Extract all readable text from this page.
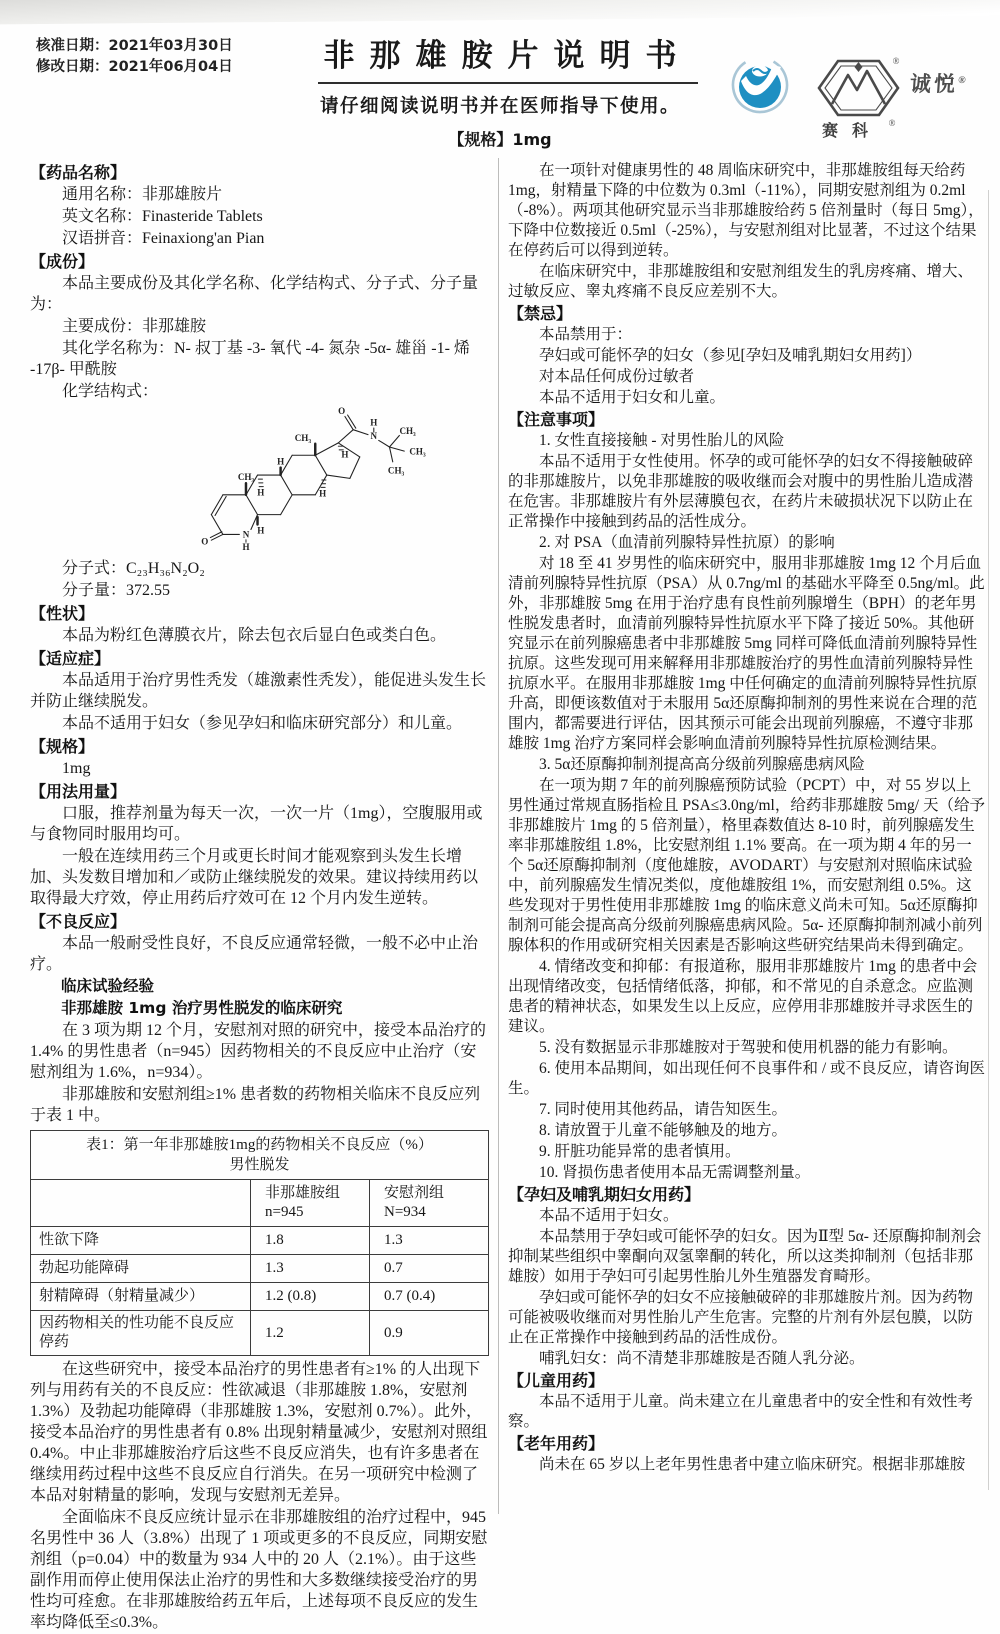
核准日期：2021年03月30日
修改日期：2021年06月04日	非那雄胺片说明书
请仔细阅读说明书并在医师指导下使用。
【规格】1mg
®
赛科 ®
诚悦®
【药品名称】

通用名称：非那雄胺片

英文名称：Finasteride Tablets

汉语拼音：Feinaxiong'an Pian

【成份】

本品主要成份及其化学名称、化学结构式、分子式、分子量为：

主要成份：非那雄胺

其化学名称为：N- 叔丁基 -3- 氧代 -4- 氮杂 -5α- 雄甾 -1- 烯 -17β- 甲酰胺

化学结构式：

O
N
H
H
CH₃
H
H
H
CH₃
H
O
H
N CH₃
CH₃
CH₃

分子式：C₂₃H₃₆N₂O₂

分子量：372.55

【性状】

本品为粉红色薄膜衣片，除去包衣后显白色或类白色。

【适应症】

本品适用于治疗男性秃发（雄激素性秃发），能促进头发生长并防止继续脱发。

本品不适用于妇女（参见孕妇和临床研究部分）和儿童。

【规格】

1mg

【用法用量】

口服，推荐剂量为每天一次，一次一片（1mg），空腹服用或与食物同时服用均可。

一般在连续用药三个月或更长时间才能观察到头发生长增加、头发数目增加和／或防止继续脱发的效果。建议持续用药以取得最大疗效，停止用药后疗效可在 12 个月内发生逆转。

【不良反应】

本品一般耐受性良好，不良反应通常轻微，一般不必中止治疗。

临床试验经验

非那雄胺 1mg 治疗男性脱发的临床研究

在 3 项为期 12 个月，安慰剂对照的研究中，接受本品治疗的 1.4% 的男性患者（n=945）因药物相关的不良反应中止治疗（安慰剂组为 1.6%，n=934）。

非那雄胺和安慰剂组≥1% 患者数的药物相关临床不良反应列于表 1 中。

表1：第一年非那雄胺1mg的药物相关不良反应（%）
男性脱发		

非那雄胺组
n=945

安慰剂组
N=934

性欲下降	1.8	1.3
勃起功能障碍	1.3	0.7
射精障碍（射精量减少）	1.2 (0.8)	0.7 (0.4)
因药物相关的性功能不良反应停药	1.2	0.9

在这些研究中，接受本品治疗的男性患者有≥1% 的人出现下列与用药有关的不良反应：性欲减退（非那雄胺 1.8%，安慰剂 1.3%）及勃起功能障碍（非那雄胺 1.3%，安慰剂 0.7%）。此外，接受本品治疗的男性患者有 0.8% 出现射精量减少，安慰剂对照组 0.4%。中止非那雄胺治疗后这些不良反应消失，也有许多患者在继续用药过程中这些不良反应自行消失。在另一项研究中检测了本品对射精量的影响，发现与安慰剂无差异。

全面临床不良反应统计显示在非那雄胺组的治疗过程中，945 名男性中 36 人（3.8%）出现了 1 项或更多的不良反应，同期安慰剂组（p=0.04）中的数量为 934 人中的 20 人（2.1%）。由于这些副作用而停止使用保法止治疗的男性和大多数继续接受治疗的男性均可痊愈。在非那雄胺给药五年后，上述每项不良反应的发生率均降低至≤0.3%。

在一项针对健康男性的 48 周临床研究中，非那雄胺组每天给药 1mg，射精量下降的中位数为 0.3ml（-11%），同期安慰剂组为 0.2ml（-8%）。两项其他研究显示当非那雄胺给药 5 倍剂量时（每日 5mg），下降中位数接近 0.5ml（-25%），与安慰剂组对比显著，不过这个结果在停药后可以得到逆转。

在临床研究中，非那雄胺组和安慰剂组发生的乳房疼痛、增大、过敏反应、睾丸疼痛不良反应差别不大。

【禁忌】

本品禁用于：

孕妇或可能怀孕的妇女（参见[孕妇及哺乳期妇女用药]）

对本品任何成份过敏者

本品不适用于妇女和儿童。

【注意事项】

1. 女性直接接触 - 对男性胎儿的风险

本品不适用于女性使用。怀孕的或可能怀孕的妇女不得接触破碎的非那雄胺片，以免非那雄胺的吸收继而会对腹中的男性胎儿造成潜在危害。非那雄胺片有外层薄膜包衣，在药片未破损状况下以防止在正常操作中接触到药品的活性成分。

2. 对 PSA（血清前列腺特异性抗原）的影响

对 18 至 41 岁男性的临床研究中，服用非那雄胺 1mg 12 个月后血清前列腺特异性抗原（PSA）从 0.7ng/ml 的基础水平降至 0.5ng/ml。此外，非那雄胺 5mg 在用于治疗患有良性前列腺增生（BPH）的老年男性脱发患者时，血清前列腺特异性抗原水平下降了接近 50%。其他研究显示在前列腺癌患者中非那雄胺 5mg 同样可降低血清前列腺特异性抗原。这些发现可用来解释用非那雄胺治疗的男性血清前列腺特异性抗原水平。在服用非那雄胺 1mg 中任何确定的血清前列腺特异性抗原升高，即便该数值对于未服用 5α还原酶抑制剂的男性来说在合理的范围内，都需要进行评估，因其预示可能会出现前列腺癌，不遵守非那雄胺 1mg 治疗方案同样会影响血清前列腺特异性抗原检测结果。

3. 5α还原酶抑制剂提高高分级前列腺癌患病风险

在一项为期 7 年的前列腺癌预防试验（PCPT）中，对 55 岁以上男性通过常规直肠指检且 PSA≤3.0ng/ml，给药非那雄胺 5mg/ 天（给予非那雄胺片 1mg 的 5 倍剂量），格里森数值达 8-10 时，前列腺癌发生率非那雄胺组 1.8%，比安慰剂组 1.1% 要高。在一项为期 4 年的另一个 5α还原酶抑制剂（度他雄胺，AVODART）与安慰剂对照临床试验中，前列腺癌发生情况类似，度他雄胺组 1%，而安慰剂组 0.5%。这些发现对于男性使用非那雄胺 1mg 的临床意义尚未可知。5α还原酶抑制剂可能会提高高分级前列腺癌患病风险。5α- 还原酶抑制剂减小前列腺体积的作用或研究相关因素是否影响这些研究结果尚未得到确定。

4. 情绪改变和抑郁：有报道称，服用非那雄胺片 1mg 的患者中会出现情绪改变，包括情绪低落，抑郁，和不常见的自杀意念。应监测患者的精神状态，如果发生以上反应，应停用非那雄胺并寻求医生的建议。

5. 没有数据显示非那雄胺对于驾驶和使用机器的能力有影响。

6. 使用本品期间，如出现任何不良事件和 / 或不良反应，请咨询医生。

7. 同时使用其他药品，请告知医生。

8. 请放置于儿童不能够触及的地方。

9. 肝脏功能异常的患者慎用。

10. 肾损伤患者使用本品无需调整剂量。

【孕妇及哺乳期妇女用药】

本品不适用于妇女。

本品禁用于孕妇或可能怀孕的妇女。因为Ⅱ型 5α- 还原酶抑制剂会抑制某些组织中睾酮向双氢睾酮的转化，所以这类抑制剂（包括非那雄胺）如用于孕妇可引起男性胎儿外生殖器发育畸形。

孕妇或可能怀孕的妇女不应接触破碎的非那雄胺片剂。因为药物可能被吸收继而对男性胎儿产生危害。完整的片剂有外层包膜，以防止在正常操作中接触到药品的活性成份。

哺乳妇女：尚不清楚非那雄胺是否随人乳分泌。

【儿童用药】

本品不适用于儿童。尚未建立在儿童患者中的安全性和有效性考察。

【老年用药】

尚未在 65 岁以上老年男性患者中建立临床研究。根据非那雄胺
